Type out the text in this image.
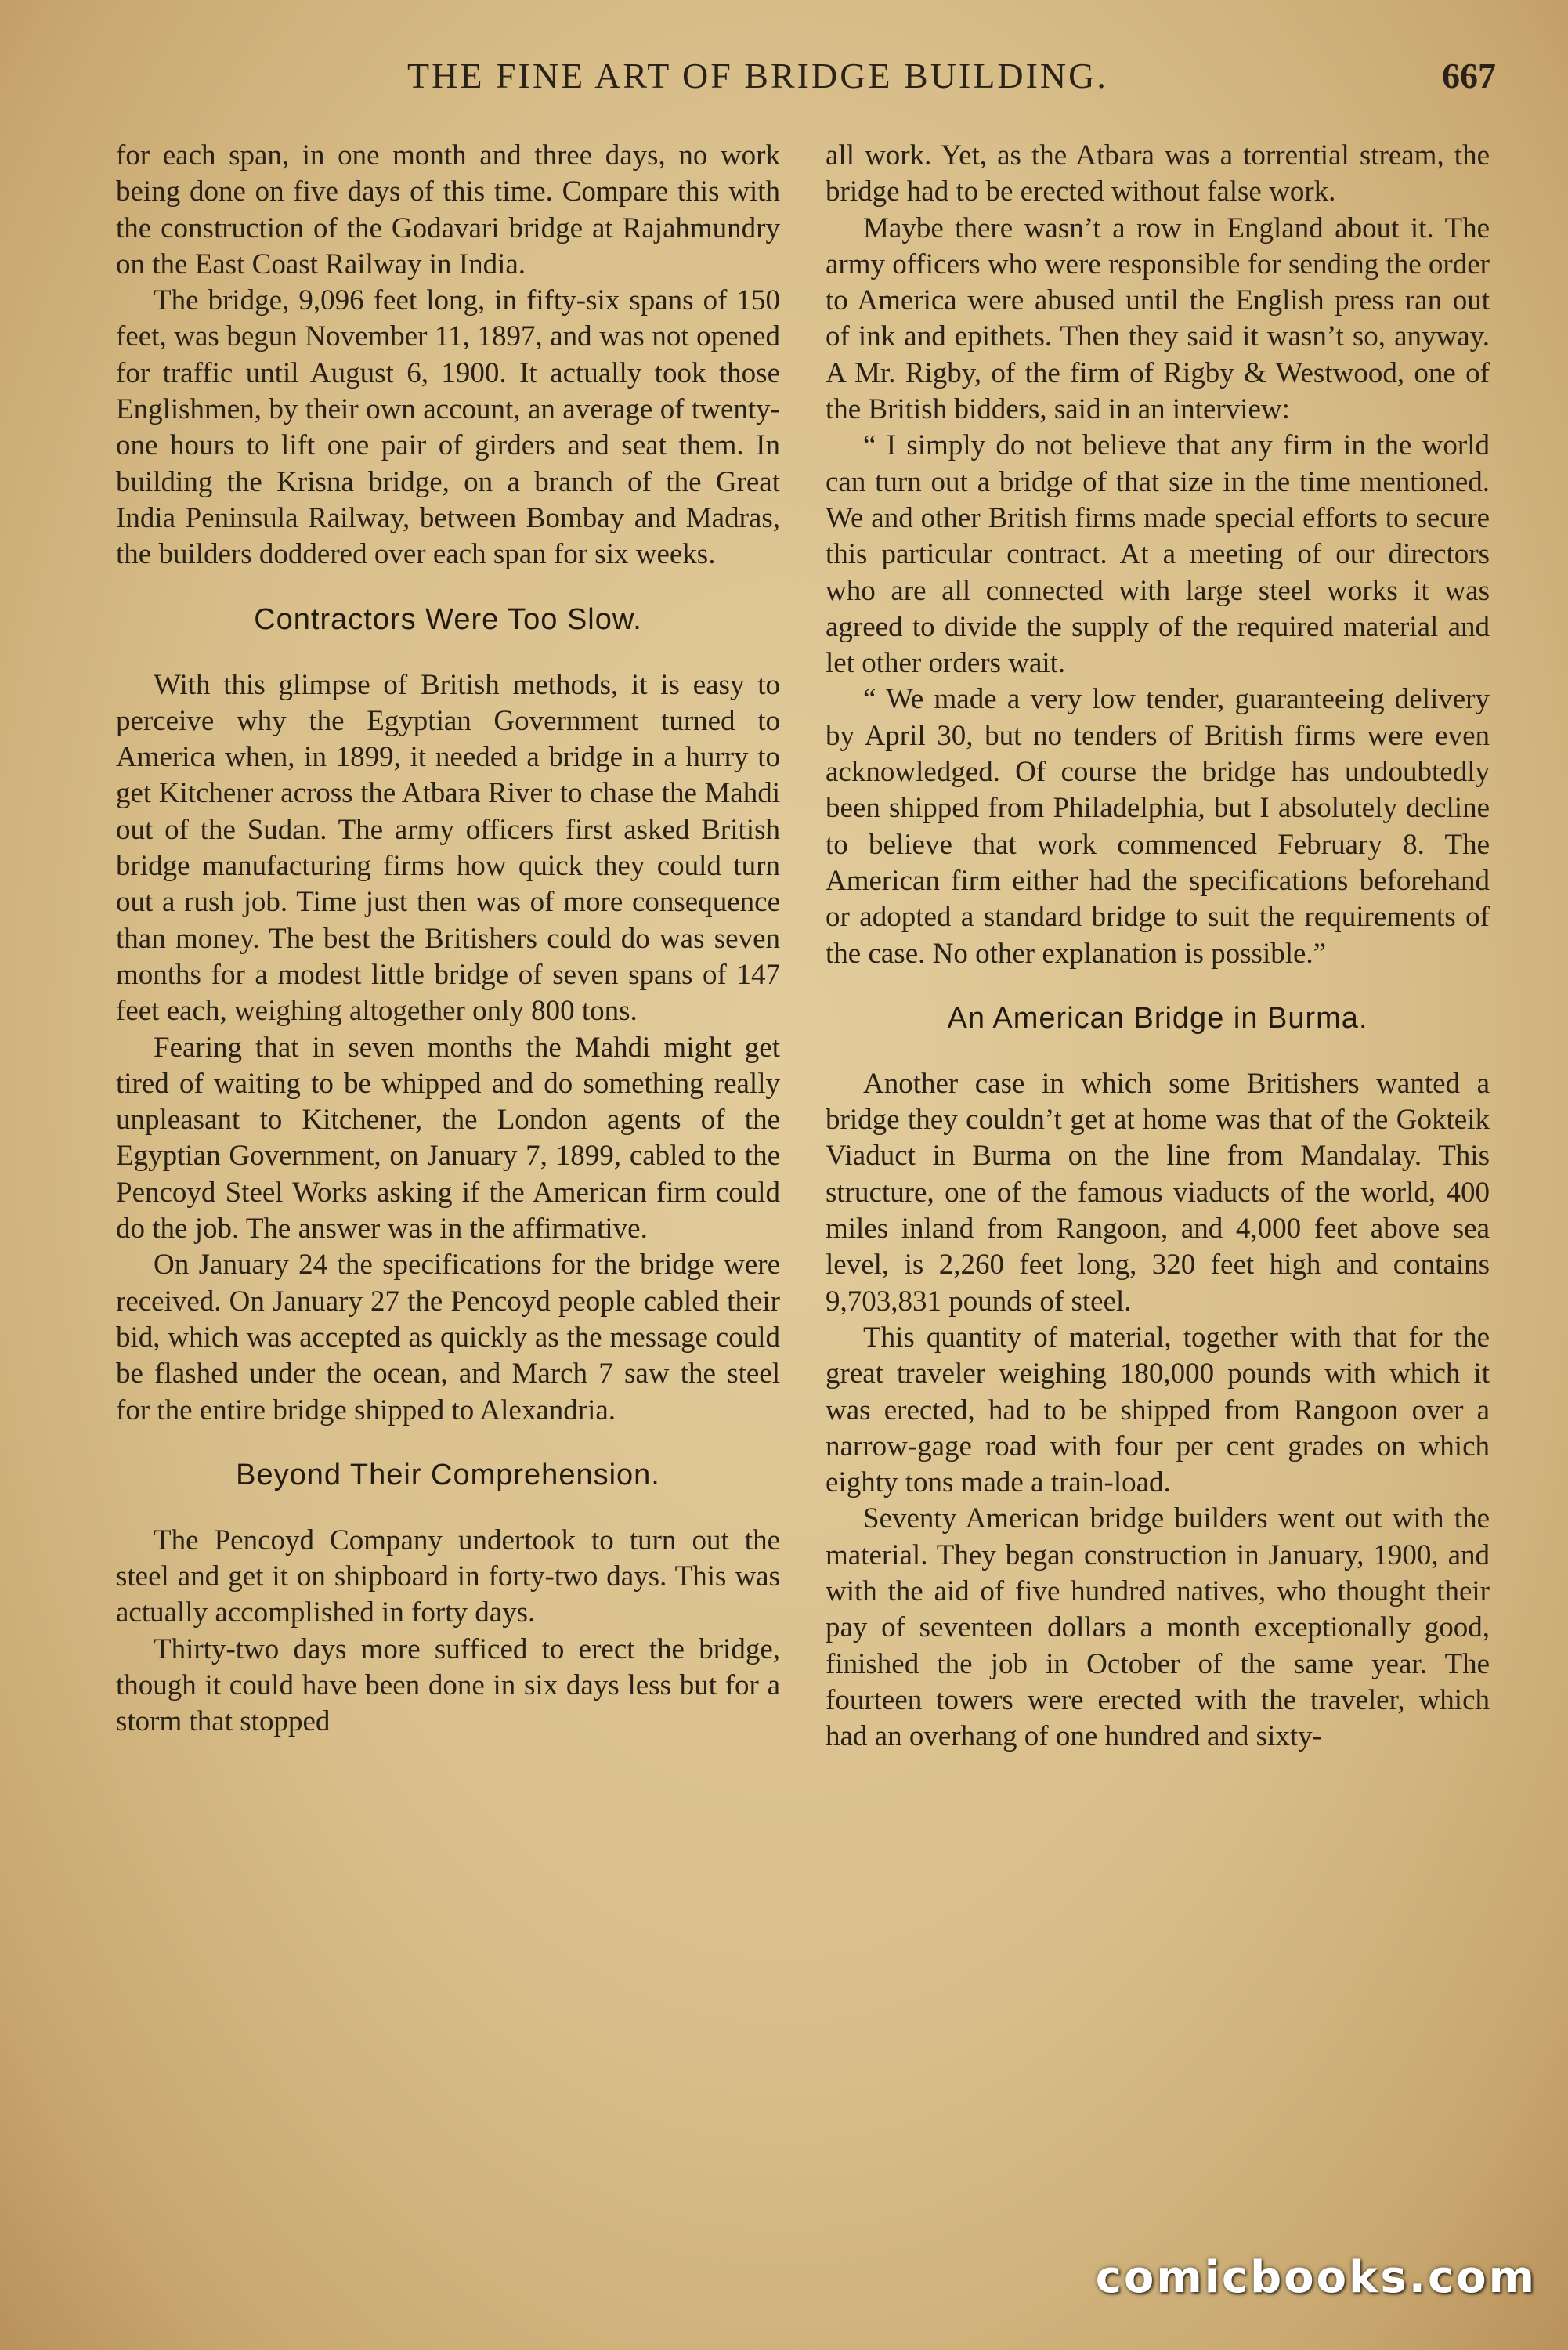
THE FINE ART OF BRIDGE BUILDING.	667

for each span, in one month and three days, no work being done on five days of this time. Compare this with the construction of the Godavari bridge at Rajahmundry on the East Coast Railway in India.

The bridge, 9,096 feet long, in fifty-six spans of 150 feet, was begun November 11, 1897, and was not opened for traffic until August 6, 1900. It actually took those Englishmen, by their own account, an average of twenty-one hours to lift one pair of girders and seat them. In building the Krisna bridge, on a branch of the Great India Peninsula Railway, between Bombay and Madras, the builders doddered over each span for six weeks.

Contractors Were Too Slow.

With this glimpse of British methods, it is easy to perceive why the Egyptian Government turned to America when, in 1899, it needed a bridge in a hurry to get Kitchener across the Atbara River to chase the Mahdi out of the Sudan. The army officers first asked British bridge manufacturing firms how quick they could turn out a rush job. Time just then was of more consequence than money. The best the Britishers could do was seven months for a modest little bridge of seven spans of 147 feet each, weighing altogether only 800 tons.

Fearing that in seven months the Mahdi might get tired of waiting to be whipped and do something really unpleasant to Kitchener, the London agents of the Egyptian Government, on January 7, 1899, cabled to the Pencoyd Steel Works asking if the American firm could do the job. The answer was in the affirmative.

On January 24 the specifications for the bridge were received. On January 27 the Pencoyd people cabled their bid, which was accepted as quickly as the message could be flashed under the ocean, and March 7 saw the steel for the entire bridge shipped to Alexandria.

Beyond Their Comprehension.

The Pencoyd Company undertook to turn out the steel and get it on shipboard in forty-two days. This was actually accomplished in forty days.

Thirty-two days more sufficed to erect the bridge, though it could have been done in six days less but for a storm that stopped

all work. Yet, as the Atbara was a torrential stream, the bridge had to be erected without false work.

Maybe there wasn’t a row in England about it. The army officers who were responsible for sending the order to America were abused until the English press ran out of ink and epithets. Then they said it wasn’t so, anyway. A Mr. Rigby, of the firm of Rigby & Westwood, one of the British bidders, said in an interview:

“ I simply do not believe that any firm in the world can turn out a bridge of that size in the time mentioned. We and other British firms made special efforts to secure this particular contract. At a meeting of our directors who are all connected with large steel works it was agreed to divide the supply of the required material and let other orders wait.

“ We made a very low tender, guaranteeing delivery by April 30, but no tenders of British firms were even acknowledged. Of course the bridge has undoubtedly been shipped from Philadelphia, but I absolutely decline to believe that work commenced February 8. The American firm either had the specifications beforehand or adopted a standard bridge to suit the requirements of the case. No other explanation is possible.”

An American Bridge in Burma.

Another case in which some Britishers wanted a bridge they couldn’t get at home was that of the Gokteik Viaduct in Burma on the line from Mandalay. This structure, one of the famous viaducts of the world, 400 miles inland from Rangoon, and 4,000 feet above sea level, is 2,260 feet long, 320 feet high and contains 9,703,831 pounds of steel.

This quantity of material, together with that for the great traveler weighing 180,000 pounds with which it was erected, had to be shipped from Rangoon over a narrow-gage road with four per cent grades on which eighty tons made a train-load.

Seventy American bridge builders went out with the material. They began construction in January, 1900, and with the aid of five hundred natives, who thought their pay of seventeen dollars a month exceptionally good, finished the job in October of the same year. The fourteen towers were erected with the traveler, which had an overhang of one hundred and sixty-

comicbooks.com
